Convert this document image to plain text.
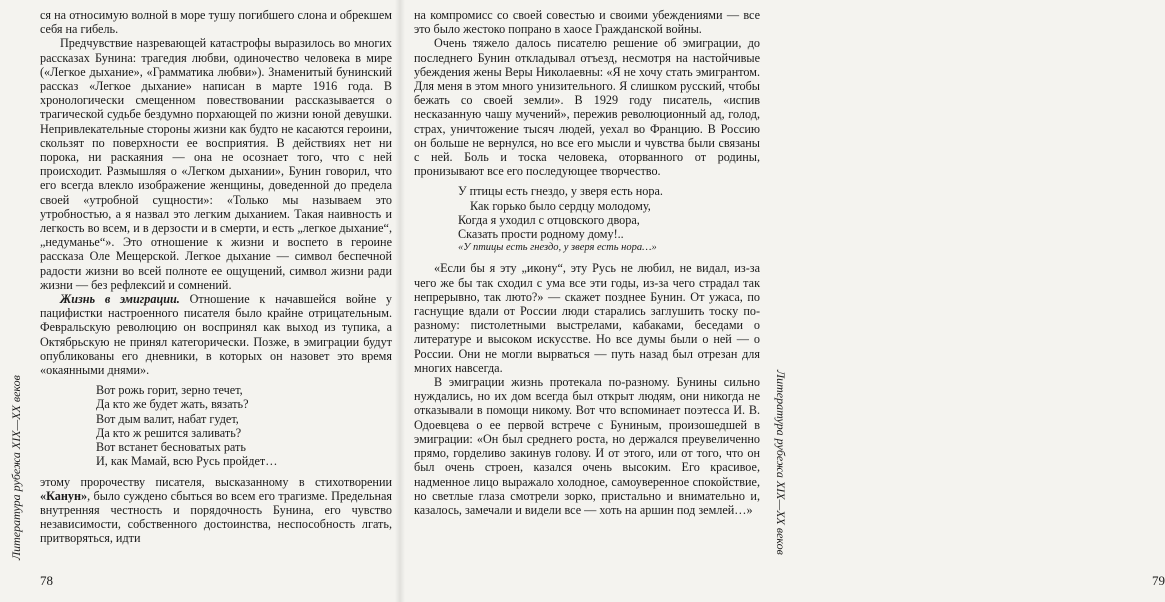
ся на относимую волной в море тушу погибшего слона и обрекшем себя на гибель.

Предчувствие назревающей катастрофы выразилось во многих рассказах Бунина: трагедия любви, одиночество человека в мире («Легкое дыхание», «Грамматика любви»). Знаменитый бунинский рассказ «Легкое дыхание» написан в марте 1916 года. В хронологически смещенном повествовании рассказывается о трагической судьбе бездумно порхающей по жизни юной девушки. Непривлекательные стороны жизни как будто не касаются героини, скользят по поверхности ее восприятия. В действиях нет ни порока, ни раскаяния — она не осознает того, что с ней происходит. Размышляя о «Легком дыхании», Бунин говорил, что его всегда влекло изображение женщины, доведенной до предела своей «утробной сущности»: «Только мы называем это утробностью, а я назвал это легким дыханием. Такая наивность и легкость во всем, и в дерзости и в смерти, и есть „легкое дыхание“, „недуманье“». Это отношение к жизни и воспето в героине рассказа Оле Мещерской. Легкое дыхание — символ беспечной радости жизни во всей полноте ее ощущений, символ жизни ради жизни — без рефлексий и сомнений.

Жизнь в эмиграции. Отношение к начавшейся войне у пацифистки настроенного писателя было крайне отрицательным. Февральскую революцию он воспринял как выход из тупика, а Октябрьскую не принял категорически. Позже, в эмиграции будут опубликованы его дневники, в которых он назовет это время «окаянными днями».

Вот рожь горит, зерно течет,
Да кто же будет жать, вязать?
Вот дым валит, набат гудет,
Да кто ж решится заливать?
Вот встанет бесноватых рать
И, как Мамай, всю Русь пройдет…

этому пророчеству писателя, высказанному в стихотворении «Канун», было суждено сбыться во всем его трагизме. Предельная внутренняя честность и порядочность Бунина, его чувство независимости, собственного достоинства, неспособность лгать, притворяться, идти

Литература рубежа XIX—XX веков
78

на компромисс со своей совестью и своими убеждениями — все это было жестоко попрано в хаосе Гражданской войны.

Очень тяжело далось писателю решение об эмиграции, до последнего Бунин откладывал отъезд, несмотря на настойчивые убеждения жены Веры Николаевны: «Я не хочу стать эмигрантом. Для меня в этом много унизительного. Я слишком русский, чтобы бежать со своей земли». В 1929 году писатель, «испив несказанную чашу мучений», пережив революционный ад, голод, страх, уничтожение тысяч людей, уехал во Францию. В Россию он больше не вернулся, но все его мысли и чувства были связаны с ней. Боль и тоска человека, оторванного от родины, пронизывают все его последующее творчество.

У птицы есть гнездо, у зверя есть нора.
Как горько было сердцу молодому,
Когда я уходил с отцовского двора,
Сказать прости родному дому!..
«У птицы есть гнездо, у зверя есть нора…»

«Если бы я эту „икону“, эту Русь не любил, не видал, из-за чего же бы так сходил с ума все эти годы, из-за чего страдал так непрерывно, так люто?» — скажет позднее Бунин. От ужаса, по гаснущие вдали от России люди старались заглушить тоску по-разному: пистолетными выстрелами, кабаками, беседами о литературе и высоком искусстве. Но все думы были о ней — о России. Они не могли вырваться — путь назад был отрезан для многих навсегда.

В эмиграции жизнь протекала по-разному. Бунины сильно нуждались, но их дом всегда был открыт людям, они никогда не отказывали в помощи никому. Вот что вспоминает поэтесса И. В. Одоевцева о ее первой встрече с Буниным, произошедшей в эмиграции: «Он был среднего роста, но держался преувеличенно прямо, горделиво закинув голову. И от этого, или от того, что он был очень строен, казался очень высоким. Его красивое, надменное лицо выражало холодное, самоуверенное спокойствие, но светлые глаза смотрели зорко, пристально и внимательно и, казалось, замечали и видели все — хоть на аршин под землей…»

79
Литература рубежа XIX—XX веков
